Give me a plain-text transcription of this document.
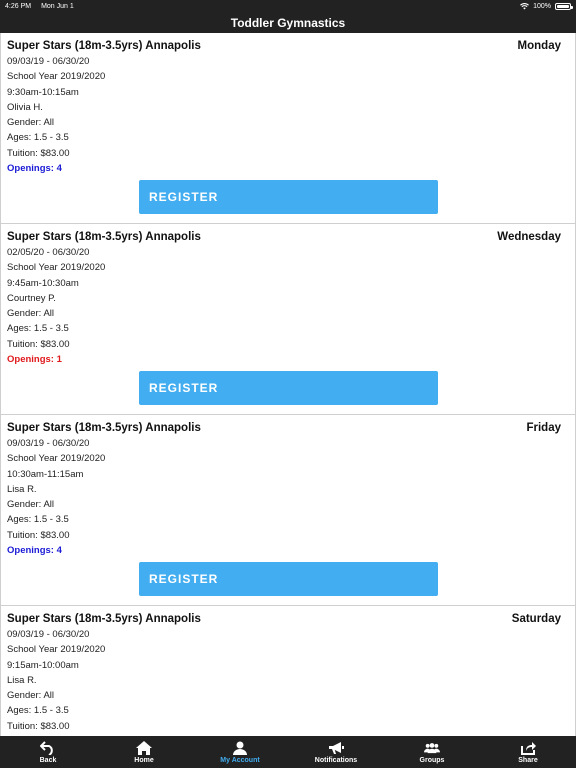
4:26 PM Mon Jun 1	100%
Toddler Gymnastics
Super Stars (18m-3.5yrs) Annapolis	Monday
09/03/19 - 06/30/20
School Year 2019/2020
9:30am-10:15am
Olivia H.
Gender: All
Ages: 1.5 - 3.5
Tuition: $83.00
Openings: 4
REGISTER
Super Stars (18m-3.5yrs) Annapolis	Wednesday
02/05/20 - 06/30/20
School Year 2019/2020
9:45am-10:30am
Courtney P.
Gender: All
Ages: 1.5 - 3.5
Tuition: $83.00
Openings: 1
REGISTER
Super Stars (18m-3.5yrs) Annapolis	Friday
09/03/19 - 06/30/20
School Year 2019/2020
10:30am-11:15am
Lisa R.
Gender: All
Ages: 1.5 - 3.5
Tuition: $83.00
Openings: 4
REGISTER
Super Stars (18m-3.5yrs) Annapolis	Saturday
09/03/19 - 06/30/20
School Year 2019/2020
9:15am-10:00am
Lisa R.
Gender: All
Ages: 1.5 - 3.5
Tuition: $83.00
Back	Home	My Account	Notifications	Groups	Share
